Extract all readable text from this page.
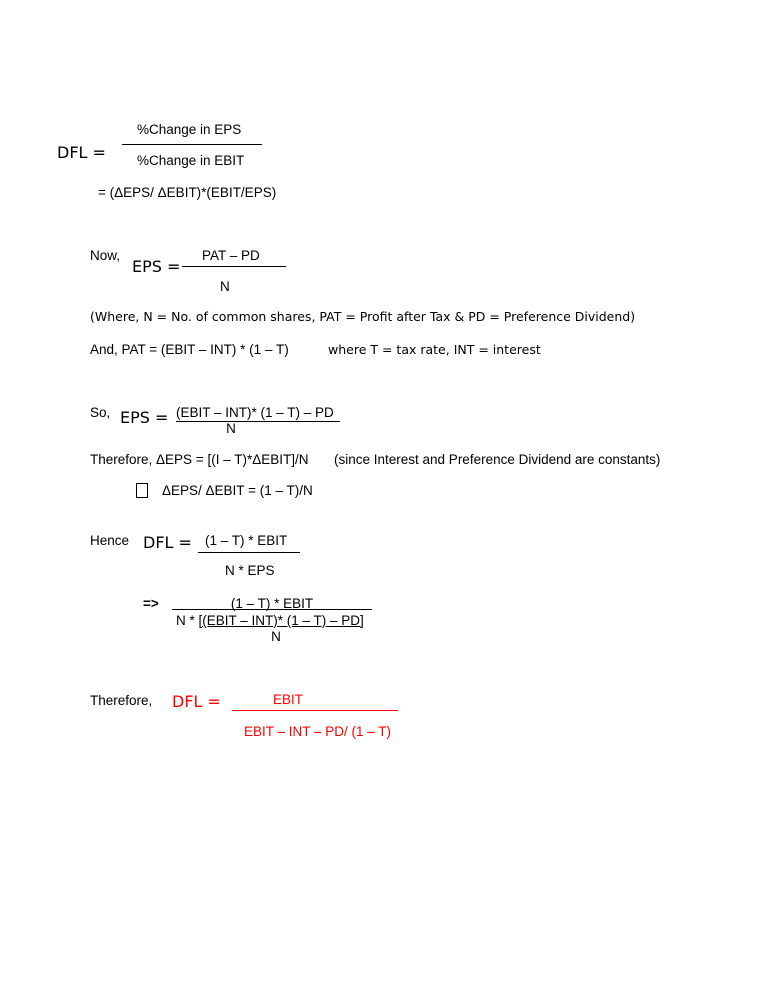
DFL =
%Change in EPS
%Change in EBIT
= (ΔEPS/ ΔEBIT)*(EBIT/EPS)
Now,
EPS =
PAT – PD
N
(Where, N = No. of common shares, PAT = Profit after Tax & PD = Preference Dividend)
And, PAT = (EBIT – INT) * (1 – T)	where T = tax rate, INT = interest
So, EPS = (EBIT – INT)* (1 – T) – PD
N
Therefore, ΔEPS = [(I – T)*ΔEBIT]/N (since Interest and Preference Dividend are constants)
ΔEPS/ ΔEBIT = (1 – T)/N
Hence DFL = (1 – T) * EBIT
N * EPS
=>	(1 – T) * EBIT
N * [(EBIT – INT)* (1 – T) – PD]
N
Therefore, DFL =	EBIT
EBIT – INT – PD/ (1 – T)
